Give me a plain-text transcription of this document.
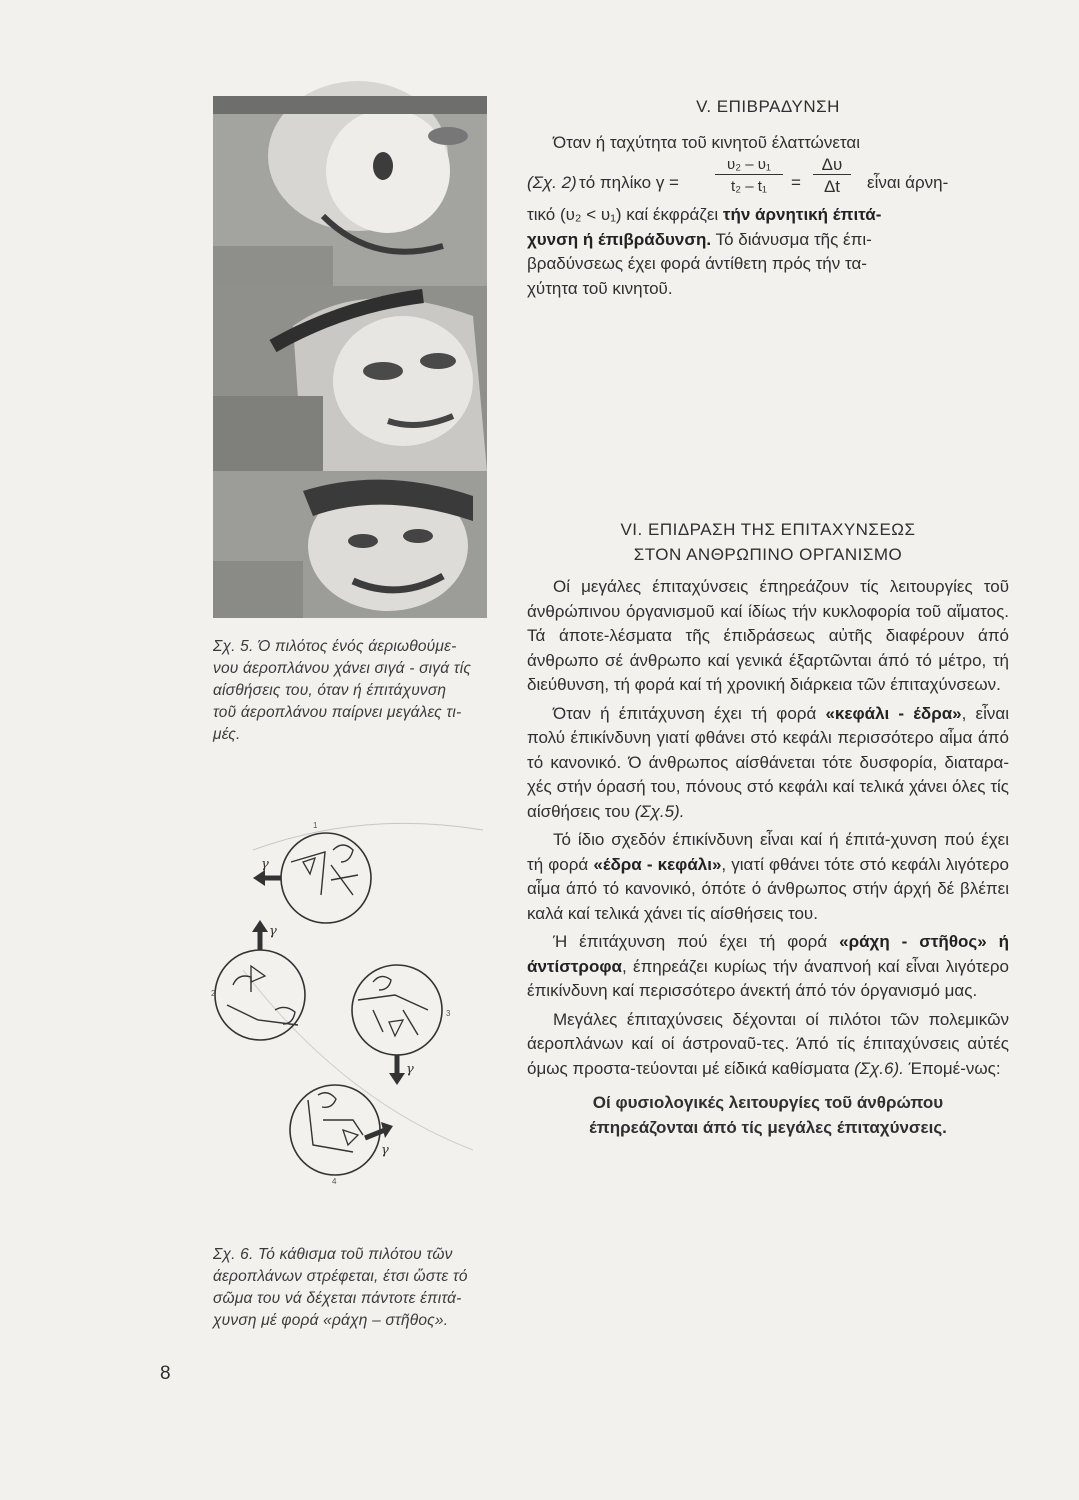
Σχ. 5. Ό πιλότος ένός άεριωθούμε-
νου άεροπλάνου χάνει σιγά - σιγά τίς
αίσθήσεις του, όταν ή έπιτάχυνση
τοῦ άεροπλάνου παίρνει μεγάλες τι-
μές.
γ
1
γ
2
γ
3
γ
4
Σχ. 6. Τό κάθισμα τοῦ πιλότου τῶν
άεροπλάνων στρέφεται, έτσι ὥστε τό
σῶμα του νά δέχεται πάντοτε έπιτά-
χυνση μέ φορά «ράχη – στῆθος».
8
V. ΕΠΙΒΡΑΔΥΝΣΗ
Όταν ή ταχύτητα τοῦ κινητοῦ έλαττώνεται
(Σχ. 2) τό πηλίκο γ =
υ₂ – υ₁
t₂ – t₁	=
Δυ
Δt	εἶναι άρνη-
τικό (υ₂ < υ₁) καί έκφράζει τήν άρνητική έπιτά-
χυνση ή έπιβράδυνση. Τό διάνυσμα τῆς έπι-
βραδύνσεως έχει φορά άντίθετη πρός τήν τα-
χύτητα τοῦ κινητοῦ.
VI. ΕΠΙΔΡΑΣΗ ΤΗΣ ΕΠΙΤΑΧΥΝΣΕΩΣ
ΣΤΟΝ ΑΝΘΡΩΠΙΝΟ ΟΡΓΑΝΙΣΜΟ

Οί μεγάλες έπιταχύνσεις έπηρεάζουν τίς λειτουργίες τοῦ άνθρώπινου όργανισμοῦ καί ίδίως τήν κυκλοφορία τοῦ αἵματος. Τά άποτε-λέσματα τῆς έπιδράσεως αὐτῆς διαφέρουν άπό άνθρωπο σέ άνθρωπο καί γενικά έξαρτῶνται άπό τό μέτρο, τή διεύθυνση, τή φορά καί τή χρονική διάρκεια τῶν έπιταχύνσεων.

Όταν ή έπιτάχυνση έχει τή φορά «κεφάλι - έδρα», εἶναι πολύ έπικίνδυνη γιατί φθάνει στό κεφάλι περισσότερο αἶμα άπό τό κανονικό. Ό άνθρωπος αίσθάνεται τότε δυσφορία, διαταρα-χές στήν όρασή του, πόνους στό κεφάλι καί τελικά χάνει όλες τίς αίσθήσεις του (Σχ.5).

Τό ίδιο σχεδόν έπικίνδυνη εἶναι καί ή έπιτά-χυνση πού έχει τή φορά «έδρα - κεφάλι», γιατί φθάνει τότε στό κεφάλι λιγότερο αἶμα άπό τό κανονικό, όπότε ό άνθρωπος στήν άρχή δέ βλέπει καλά καί τελικά χάνει τίς αίσθήσεις του.

Ή έπιτάχυνση πού έχει τή φορά «ράχη - στῆθος» ή άντίστροφα, έπηρεάζει κυρίως τήν άναπνοή καί εἶναι λιγότερο έπικίνδυνη καί περισσότερο άνεκτή άπό τόν όργανισμό μας.

Μεγάλες έπιταχύνσεις δέχονται οί πιλότοι τῶν πολεμικῶν άεροπλάνων καί οί άστροναῦ-τες. Άπό τίς έπιταχύνσεις αὐτές όμως προστα-τεύονται μέ είδικά καθίσματα (Σχ.6). Έπομέ-νως:

Οί φυσιολογικές λειτουργίες τοῦ άνθρώπου
έπηρεάζονται άπό τίς μεγάλες έπιταχύνσεις.
